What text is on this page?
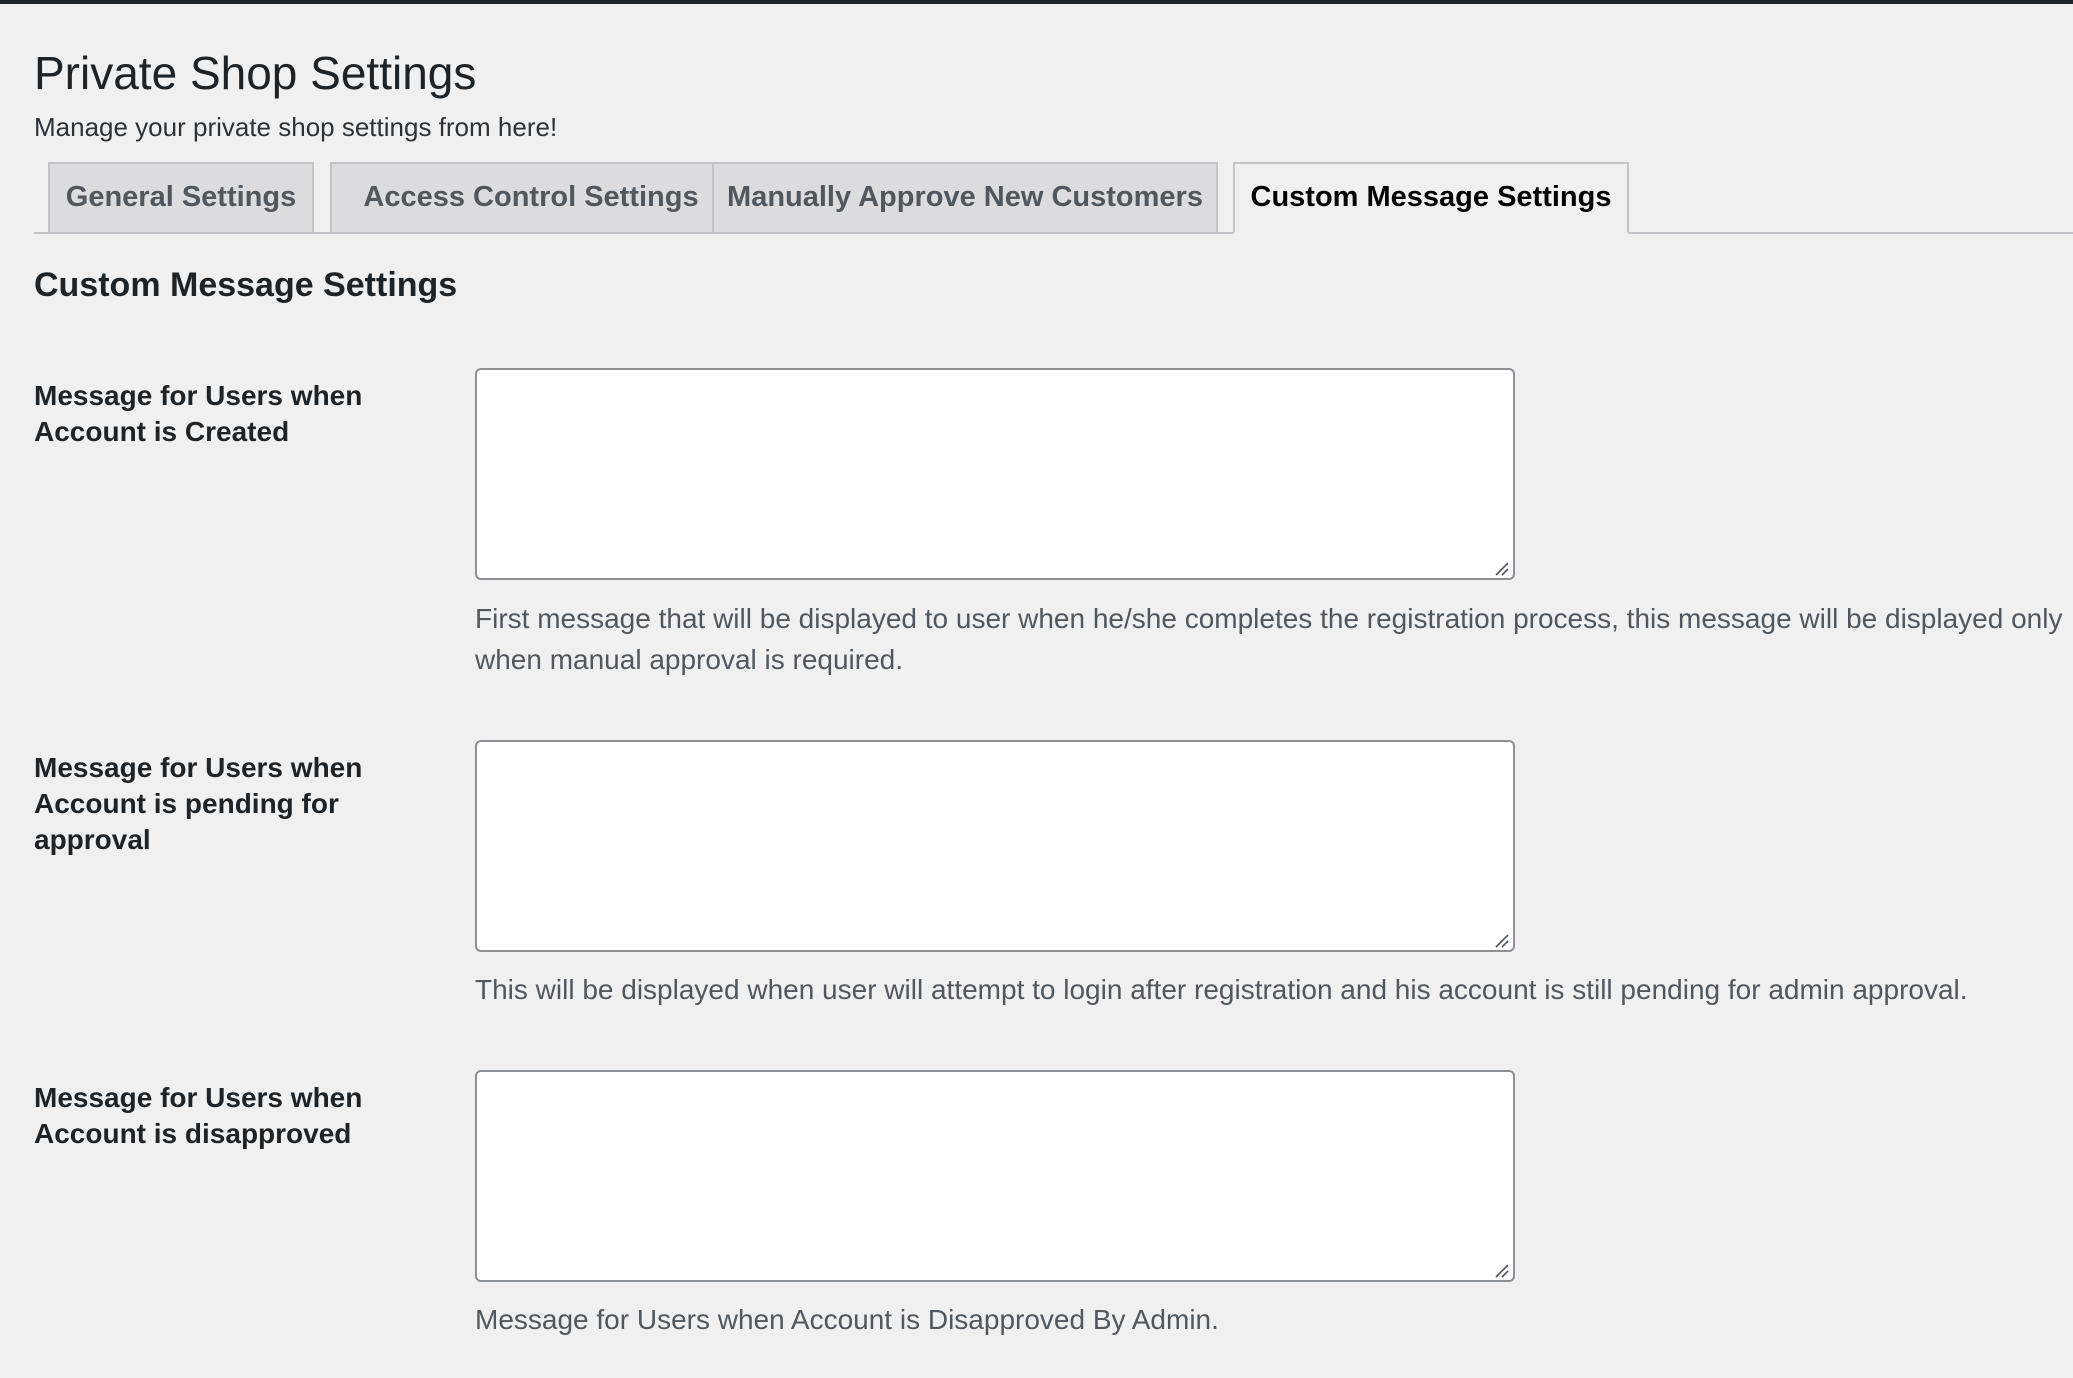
Private Shop Settings

Manage your private shop settings from here!

General Settings	Access Control Settings Manually Approve New Customers	Custom Message Settings
Custom Message Settings
Message for Users when Account is Created

First message that will be displayed to user when he/she completes the registration process, this message will be displayed only when manual approval is required.

Message for Users when Account is pending for approval

This will be displayed when user will attempt to login after registration and his account is still pending for admin approval.

Message for Users when Account is disapproved

Message for Users when Account is Disapproved By Admin.
